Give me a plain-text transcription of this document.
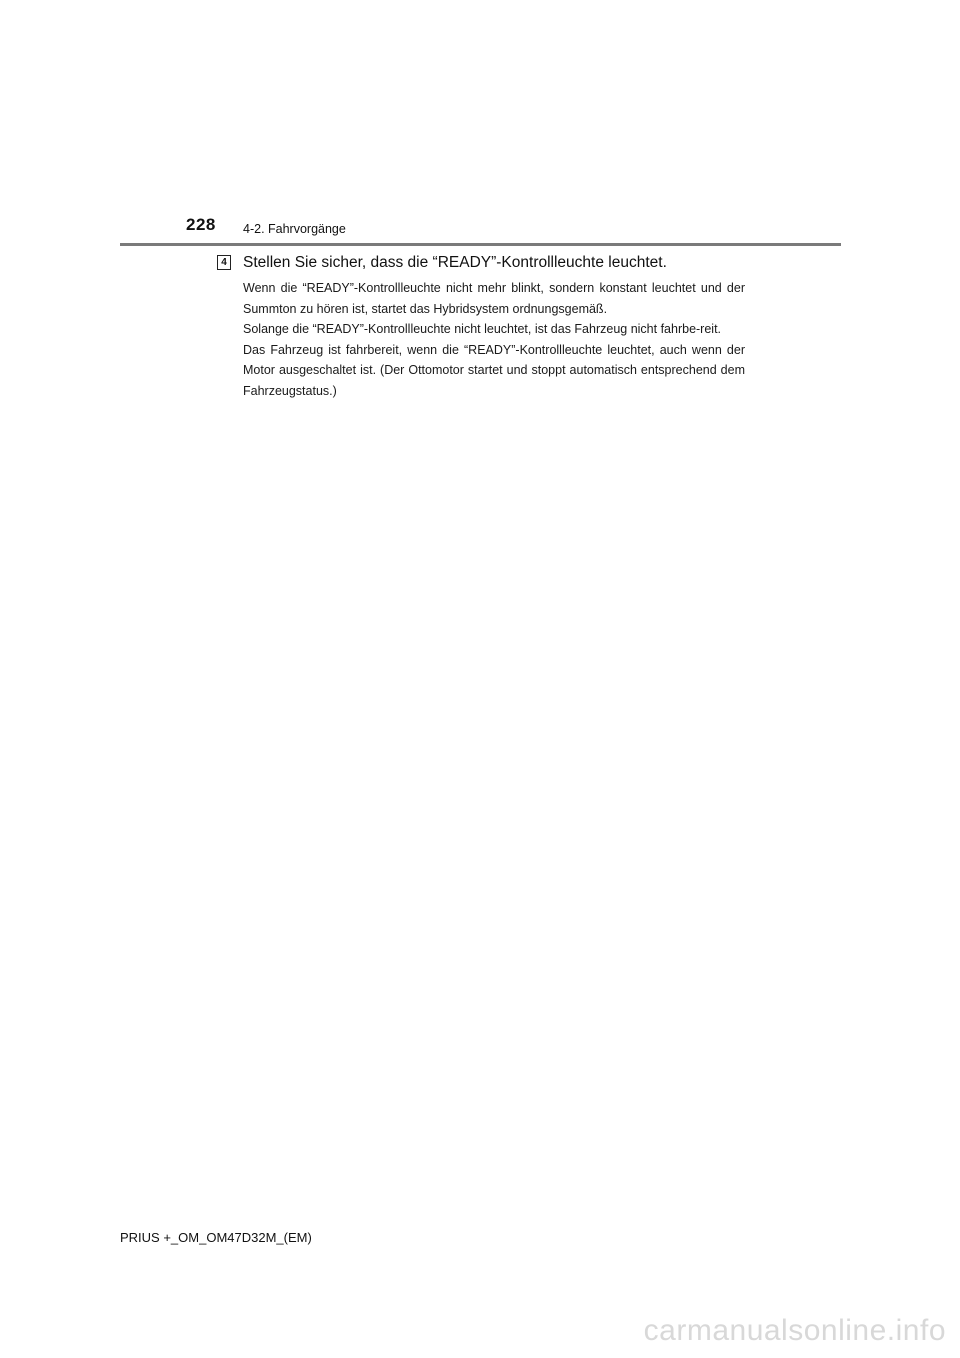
228 4-2. Fahrvorgänge
4 Stellen Sie sicher, dass die “READY”-Kontrollleuchte leuchtet.

Wenn die “READY”-Kontrollleuchte nicht mehr blinkt, sondern konstant leuchtet und der Summton zu hören ist, startet das Hybridsystem ordnungsgemäß.

Solange die “READY”-Kontrollleuchte nicht leuchtet, ist das Fahrzeug nicht fahrbe-reit.

Das Fahrzeug ist fahrbereit, wenn die “READY”-Kontrollleuchte leuchtet, auch wenn der Motor ausgeschaltet ist. (Der Ottomotor startet und stoppt automatisch entsprechend dem Fahrzeugstatus.)

PRIUS +_OM_OM47D32M_(EM)
carmanualsonline.info
